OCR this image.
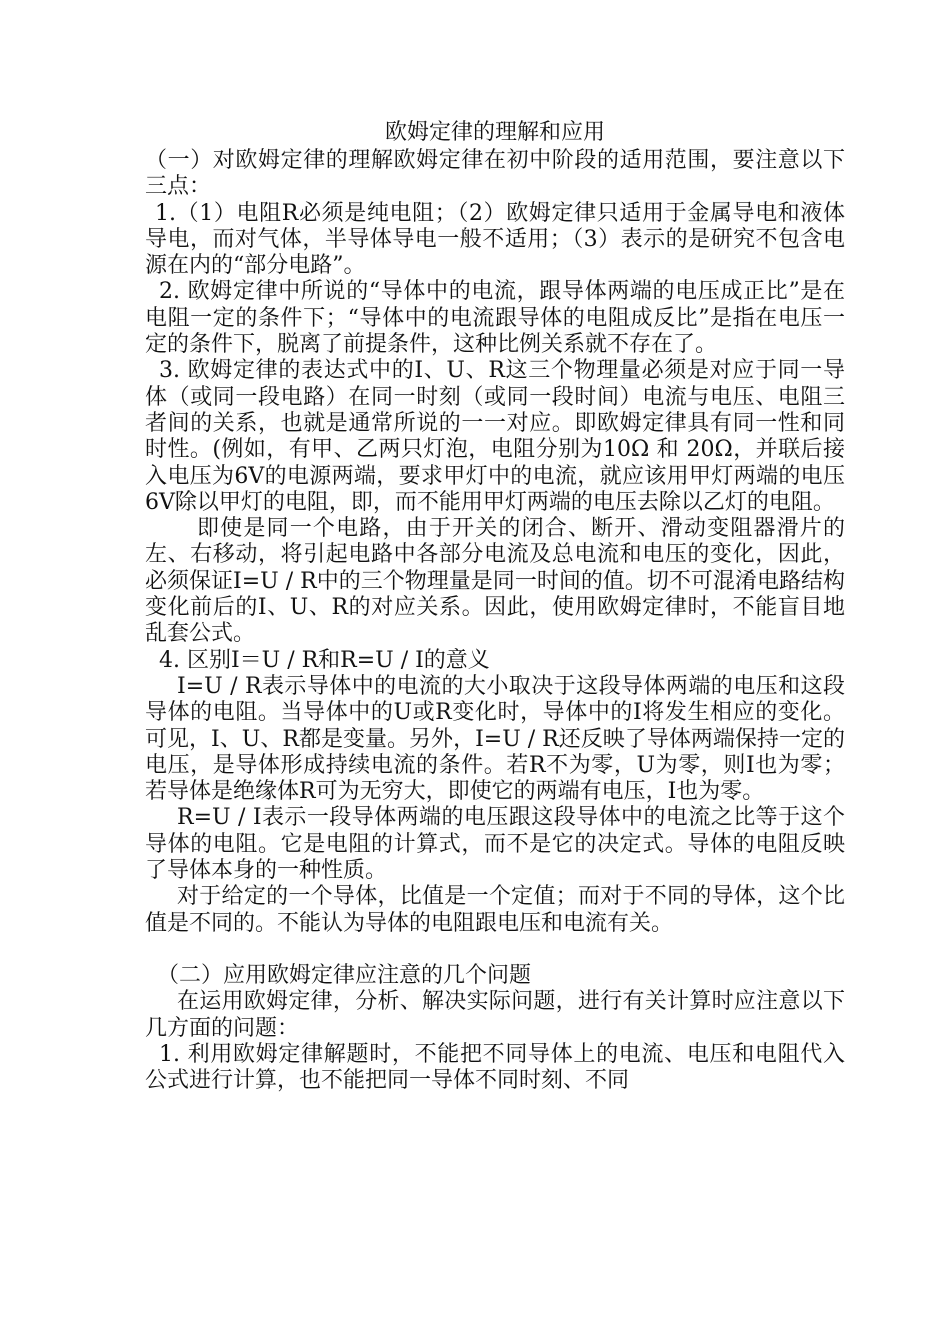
欧姆定律的理解和应用

（一）对欧姆定律的理解欧姆定律在初中阶段的适用范围，要注意以下三点：

1.（1）电阻R必须是纯电阻；（2）欧姆定律只适用于金属导电和液体导电，而对气体，半导体导电一般不适用；（3）表示的是研究不包含电源在内的“部分电路”。

2. 欧姆定律中所说的“导体中的电流，跟导体两端的电压成正比”是在电阻一定的条件下；“导体中的电流跟导体的电阻成反比”是指在电压一定的条件下，脱离了前提条件，这种比例关系就不存在了。

3. 欧姆定律的表达式中的I、U、R这三个物理量必须是对应于同一导体（或同一段电路）在同一时刻（或同一段时间）电流与电压、电阻三者间的关系，也就是通常所说的一一对应。即欧姆定律具有同一性和同时性。(例如，有甲、乙两只灯泡，电阻分别为10Ω 和 20Ω，并联后接入电压为6V的电源两端，要求甲灯中的电流，就应该用甲灯两端的电压6V除以甲灯的电阻，即，而不能用甲灯两端的电压去除以乙灯的电阻。

即使是同一个电路，由于开关的闭合、断开、滑动变阻器滑片的左、右移动，将引起电路中各部分电流及总电流和电压的变化，因此，必须保证I=U / R中的三个物理量是同一时间的值。切不可混淆电路结构变化前后的I、U、R的对应关系。因此，使用欧姆定律时，不能盲目地乱套公式。

4. 区别I＝U / R和R=U / I的意义

I=U / R表示导体中的电流的大小取决于这段导体两端的电压和这段导体的电阻。当导体中的U或R变化时，导体中的I将发生相应的变化。可见，I、U、R都是变量。另外，I=U / R还反映了导体两端保持一定的电压，是导体形成持续电流的条件。若R不为零，U为零，则I也为零；若导体是绝缘体R可为无穷大，即使它的两端有电压，I也为零。

R=U / I表示一段导体两端的电压跟这段导体中的电流之比等于这个导体的电阻。它是电阻的计算式，而不是它的决定式。导体的电阻反映了导体本身的一种性质。

对于给定的一个导体，比值是一个定值；而对于不同的导体，这个比值是不同的。不能认为导体的电阻跟电压和电流有关。

（二）应用欧姆定律应注意的几个问题

在运用欧姆定律，分析、解决实际问题，进行有关计算时应注意以下几方面的问题：

1. 利用欧姆定律解题时，不能把不同导体上的电流、电压和电阻代入公式进行计算，也不能把同一导体不同时刻、不同
